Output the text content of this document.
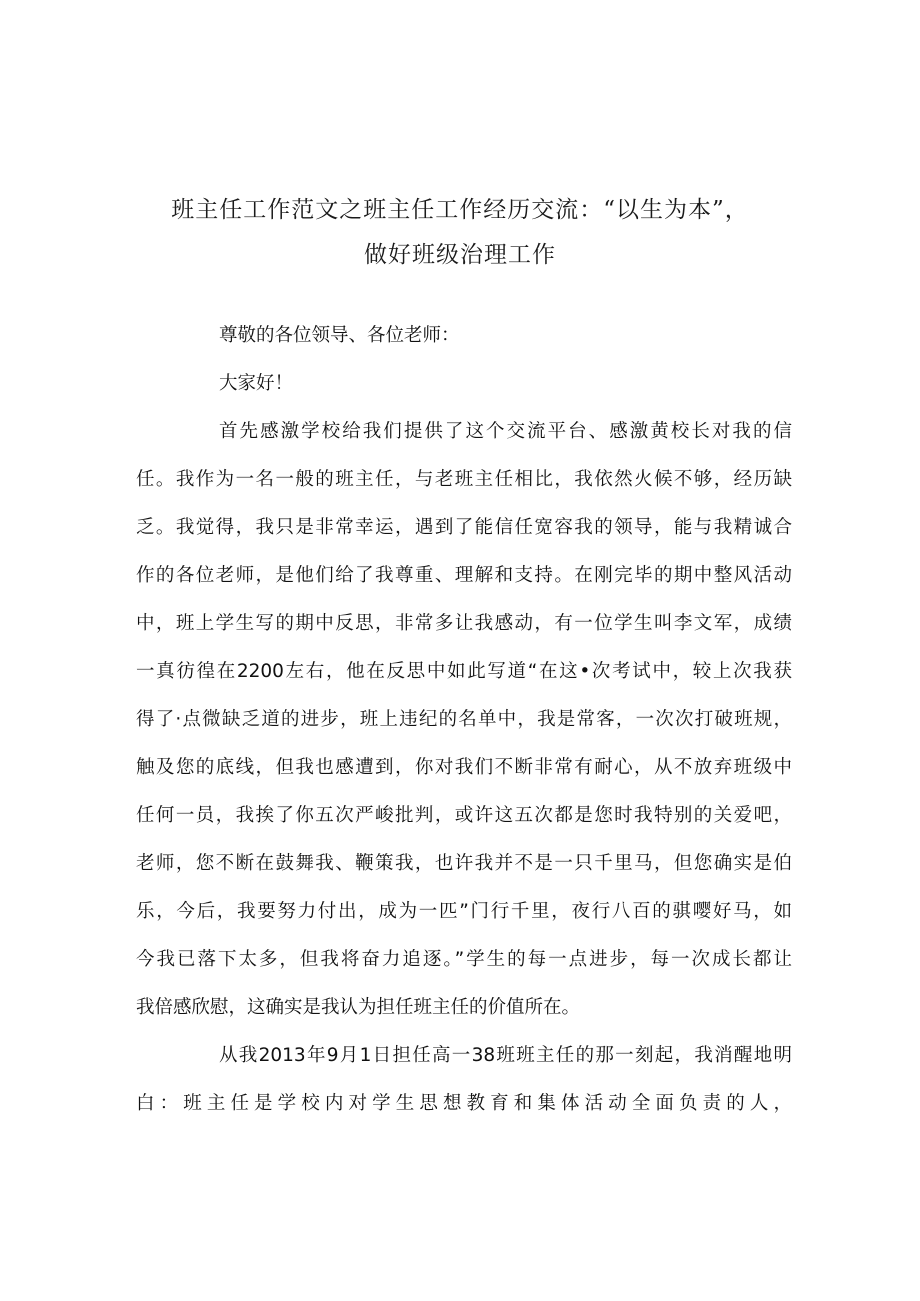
班主任工作范文之班主任工作经历交流：“以生为本”，
做好班级治理工作
尊敬的各位领导、各位老师：
大家好！
首先感激学校给我们提供了这个交流平台、感激黄校长对我的信
任。我作为一名一般的班主任，与老班主任相比，我依然火候不够，经历缺
乏。我觉得，我只是非常幸运，遇到了能信任宽容我的领导，能与我精诚合
作的各位老师，是他们给了我尊重、理解和支持。在刚完毕的期中整风活动
中，班上学生写的期中反思，非常多让我感动，有一位学生叫李文军，成绩
一真彷徨在2200左右，他在反思中如此写道“在这•次考试中，较上次我获
得了·点微缺乏道的进步，班上违纪的名单中，我是常客，一次次打破班规，
触及您的底线，但我也感遭到，你对我们不断非常有耐心，从不放弃班级中
任何一员，我挨了你五次严峻批判，或许这五次都是您时我特别的关爱吧，
老师，您不断在鼓舞我、鞭策我，也许我并不是一只千里马，但您确实是伯
乐，今后，我要努力付出，成为一匹”门行千里，夜行八百的骐嘤好马，如
今我已落下太多，但我将奋力追逐。”学生的每一点进步，每一次成长都让
我倍感欣慰，这确实是我认为担任班主任的价值所在。
从我2013年9月1日担任高一38班班主任的那一刻起，我消醒地明
白：班主任是学校内对学生思想教育和集体活动全面负责的人，
